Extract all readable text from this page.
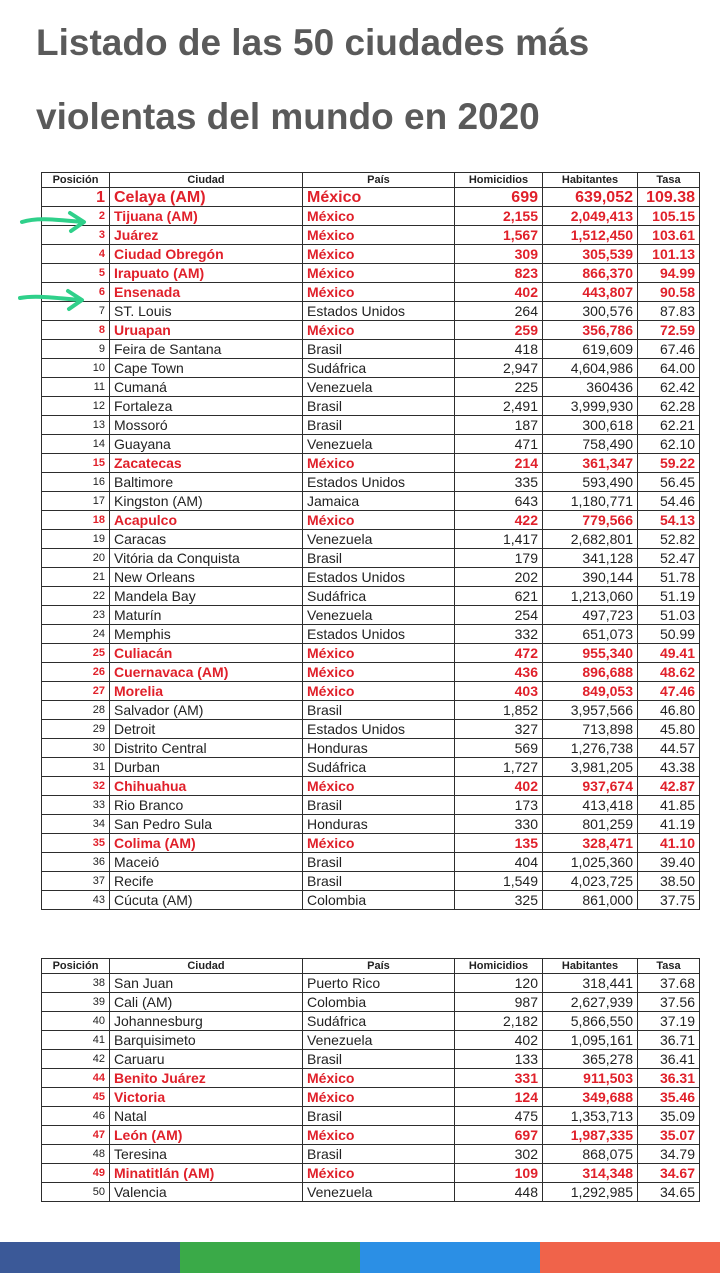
Listado de las 50 ciudades más violentas del mundo en 2020
Posición	Ciudad	País	Homicidios	Habitantes	Tasa
1	Celaya (AM)	México	699	639,052	109.38
2	Tijuana (AM)	México	2,155	2,049,413	105.15
3	Juárez	México	1,567	1,512,450	103.61
4	Ciudad Obregón	México	309	305,539	101.13
5	Irapuato (AM)	México	823	866,370	94.99
6	Ensenada	México	402	443,807	90.58
7	ST. Louis	Estados Unidos	264	300,576	87.83
8	Uruapan	México	259	356,786	72.59
9	Feira de Santana	Brasil	418	619,609	67.46
10	Cape Town	Sudáfrica	2,947	4,604,986	64.00
11	Cumaná	Venezuela	225	360436	62.42
12	Fortaleza	Brasil	2,491	3,999,930	62.28
13	Mossoró	Brasil	187	300,618	62.21
14	Guayana	Venezuela	471	758,490	62.10
15	Zacatecas	México	214	361,347	59.22
16	Baltimore	Estados Unidos	335	593,490	56.45
17	Kingston (AM)	Jamaica	643	1,180,771	54.46
18	Acapulco	México	422	779,566	54.13
19	Caracas	Venezuela	1,417	2,682,801	52.82
20	Vitória da Conquista	Brasil	179	341,128	52.47
21	New Orleans	Estados Unidos	202	390,144	51.78
22	Mandela Bay	Sudáfrica	621	1,213,060	51.19
23	Maturín	Venezuela	254	497,723	51.03
24	Memphis	Estados Unidos	332	651,073	50.99
25	Culiacán	México	472	955,340	49.41
26	Cuernavaca (AM)	México	436	896,688	48.62
27	Morelia	México	403	849,053	47.46
28	Salvador (AM)	Brasil	1,852	3,957,566	46.80
29	Detroit	Estados Unidos	327	713,898	45.80
30	Distrito Central	Honduras	569	1,276,738	44.57
31	Durban	Sudáfrica	1,727	3,981,205	43.38
32	Chihuahua	México	402	937,674	42.87
33	Rio Branco	Brasil	173	413,418	41.85
34	San Pedro Sula	Honduras	330	801,259	41.19
35	Colima (AM)	México	135	328,471	41.10
36	Maceió	Brasil	404	1,025,360	39.40
37	Recife	Brasil	1,549	4,023,725	38.50
43	Cúcuta (AM)	Colombia	325	861,000	37.75
Posición	Ciudad	País	Homicidios	Habitantes	Tasa
38	San Juan	Puerto Rico	120	318,441	37.68
39	Cali (AM)	Colombia	987	2,627,939	37.56
40	Johannesburg	Sudáfrica	2,182	5,866,550	37.19
41	Barquisimeto	Venezuela	402	1,095,161	36.71
42	Caruaru	Brasil	133	365,278	36.41
44	Benito Juárez	México	331	911,503	36.31
45	Victoria	México	124	349,688	35.46
46	Natal	Brasil	475	1,353,713	35.09
47	León (AM)	México	697	1,987,335	35.07
48	Teresina	Brasil	302	868,075	34.79
49	Minatitlán (AM)	México	109	314,348	34.67
50	Valencia	Venezuela	448	1,292,985	34.65
